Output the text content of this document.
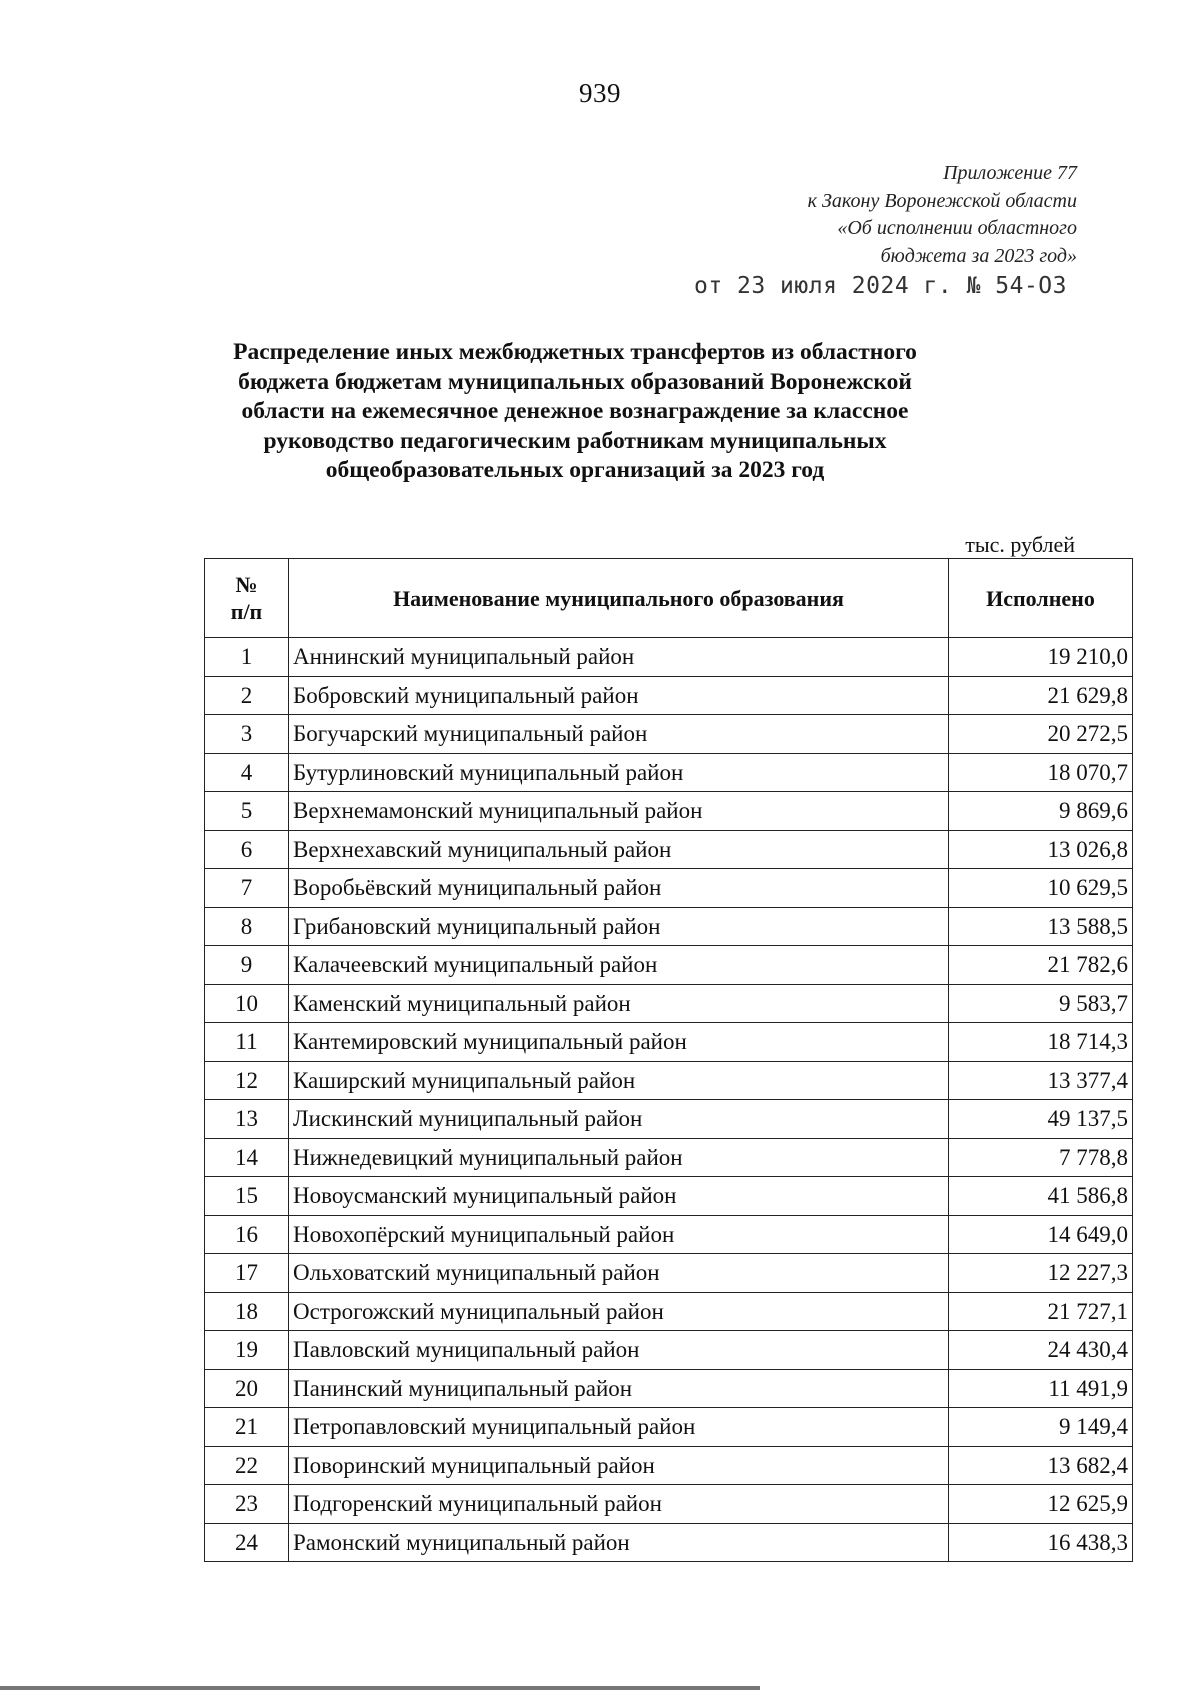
939
Приложение 77
к Закону Воронежской области
«Об исполнении областного
бюджета за 2023 год»
от 23 июля 2024 г. № 54-ОЗ
Распределение иных межбюджетных трансфертов из областного
бюджета бюджетам муниципальных образований Воронежской
области на ежемесячное денежное вознаграждение за классное
руководство педагогическим работникам муниципальных
общеобразовательных организаций за 2023 год
тыс. рублей
№
п/п	Наименование муниципального образования	Исполнено
1	Аннинский муниципальный район	19 210,0
2	Бобровский муниципальный район	21 629,8
3	Богучарский муниципальный район	20 272,5
4	Бутурлиновский муниципальный район	18 070,7
5	Верхнемамонский муниципальный район	9 869,6
6	Верхнехавский муниципальный район	13 026,8
7	Воробьёвский муниципальный район	10 629,5
8	Грибановский муниципальный район	13 588,5
9	Калачеевский муниципальный район	21 782,6
10	Каменский муниципальный район	9 583,7
11	Кантемировский муниципальный район	18 714,3
12	Каширский муниципальный район	13 377,4
13	Лискинский муниципальный район	49 137,5
14	Нижнедевицкий муниципальный район	7 778,8
15	Новоусманский муниципальный район	41 586,8
16	Новохопёрский муниципальный район	14 649,0
17	Ольховатский муниципальный район	12 227,3
18	Острогожский муниципальный район	21 727,1
19	Павловский муниципальный район	24 430,4
20	Панинский муниципальный район	11 491,9
21	Петропавловский муниципальный район	9 149,4
22	Поворинский муниципальный район	13 682,4
23	Подгоренский муниципальный район	12 625,9
24	Рамонский муниципальный район	16 438,3
